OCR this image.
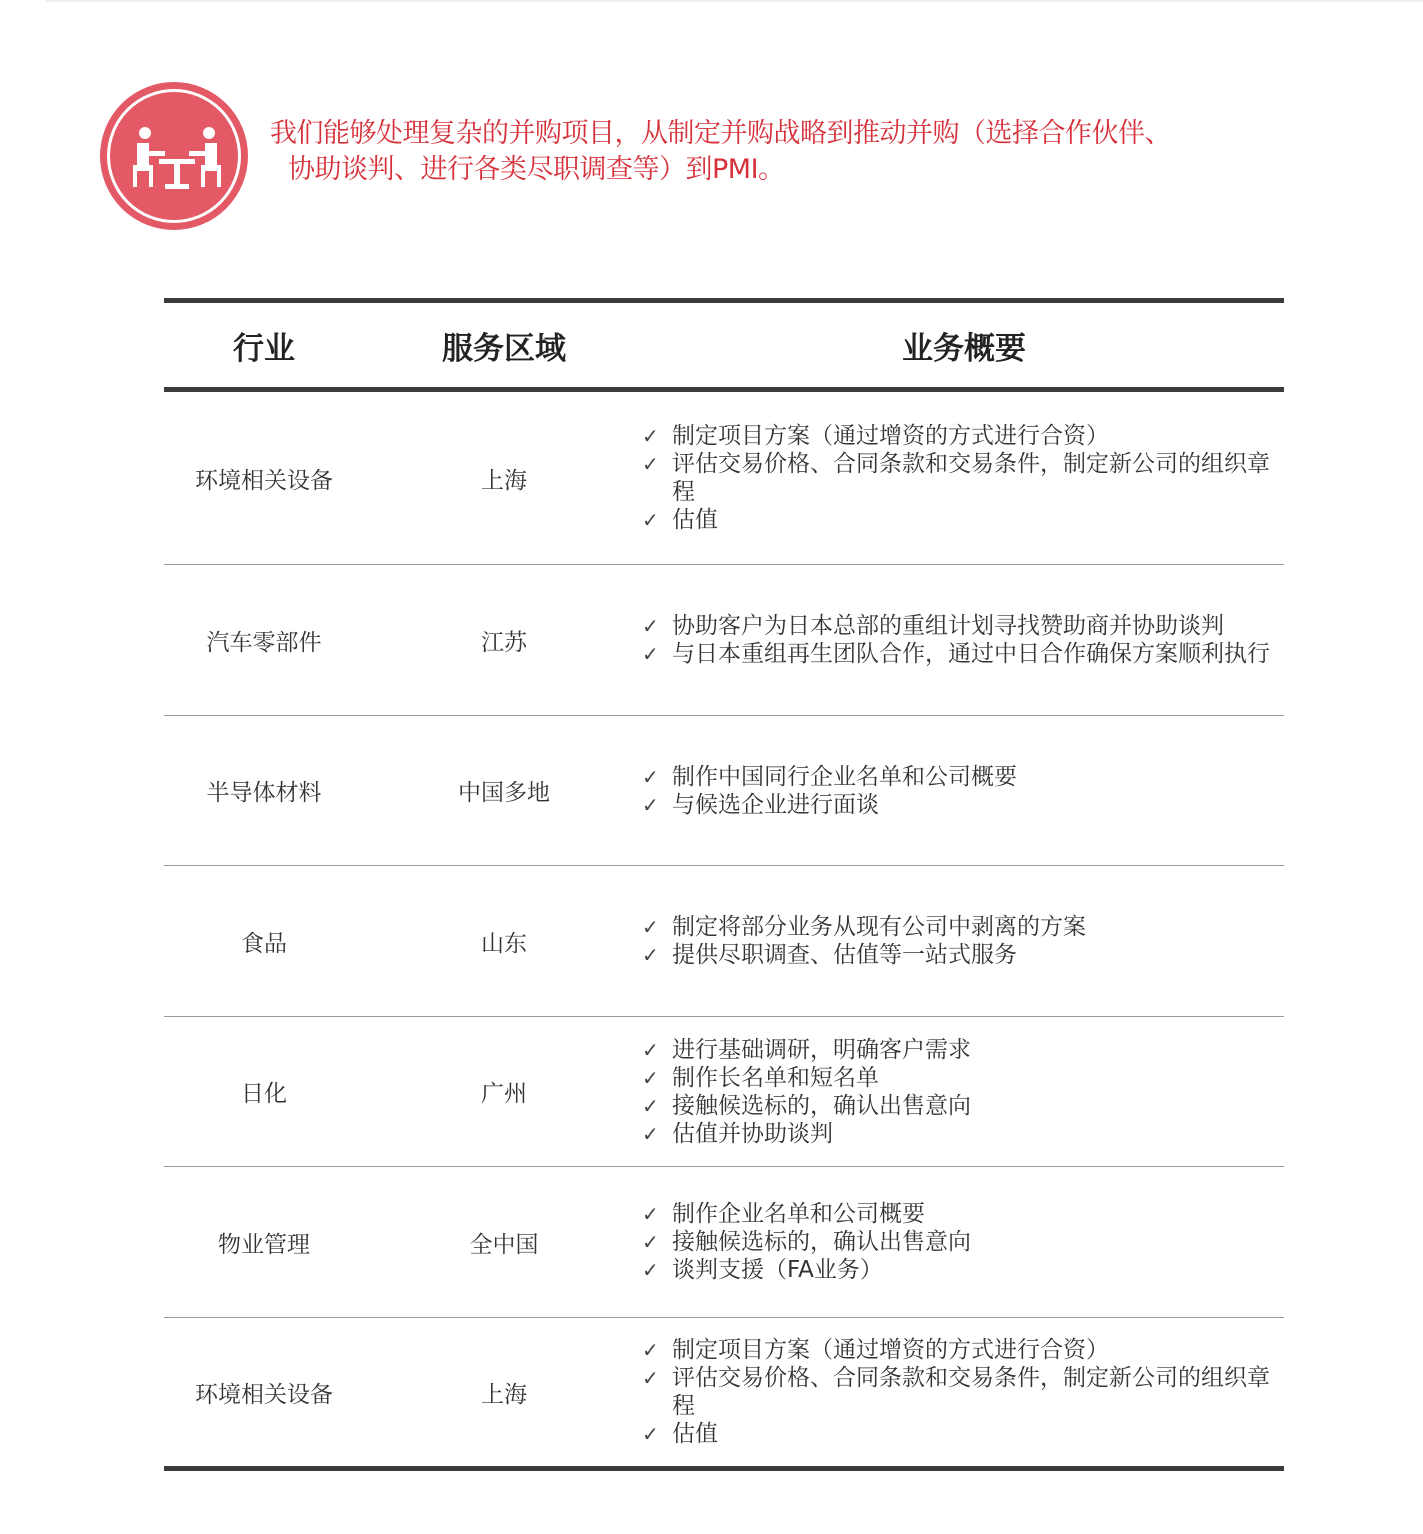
我们能够处理复杂的并购项目，从制定并购战略到推动并购（选择合作伙伴、
协助谈判、进行各类尽职调查等）到PMI。
行业	服务区域	业务概要
环境相关设备	上海
✓ 制定项目方案（通过增资的方式进行合资）
✓ 评估交易价格、合同条款和交易条件，制定新公司的组织章程
✓ 估值
汽车零部件	江苏
✓ 协助客户为日本总部的重组计划寻找赞助商并协助谈判
✓ 与日本重组再生团队合作，通过中日合作确保方案顺利执行
半导体材料	中国多地
✓ 制作中国同行企业名单和公司概要
✓ 与候选企业进行面谈
食品	山东
✓ 制定将部分业务从现有公司中剥离的方案
✓ 提供尽职调查、估值等一站式服务
日化	广州
✓ 进行基础调研，明确客户需求
✓ 制作长名单和短名单
✓ 接触候选标的，确认出售意向
✓ 估值并协助谈判
物业管理	全中国
✓ 制作企业名单和公司概要
✓ 接触候选标的，确认出售意向
✓ 谈判支援（FA业务）
环境相关设备	上海
✓ 制定项目方案（通过增资的方式进行合资）
✓ 评估交易价格、合同条款和交易条件，制定新公司的组织章程
✓ 估值
